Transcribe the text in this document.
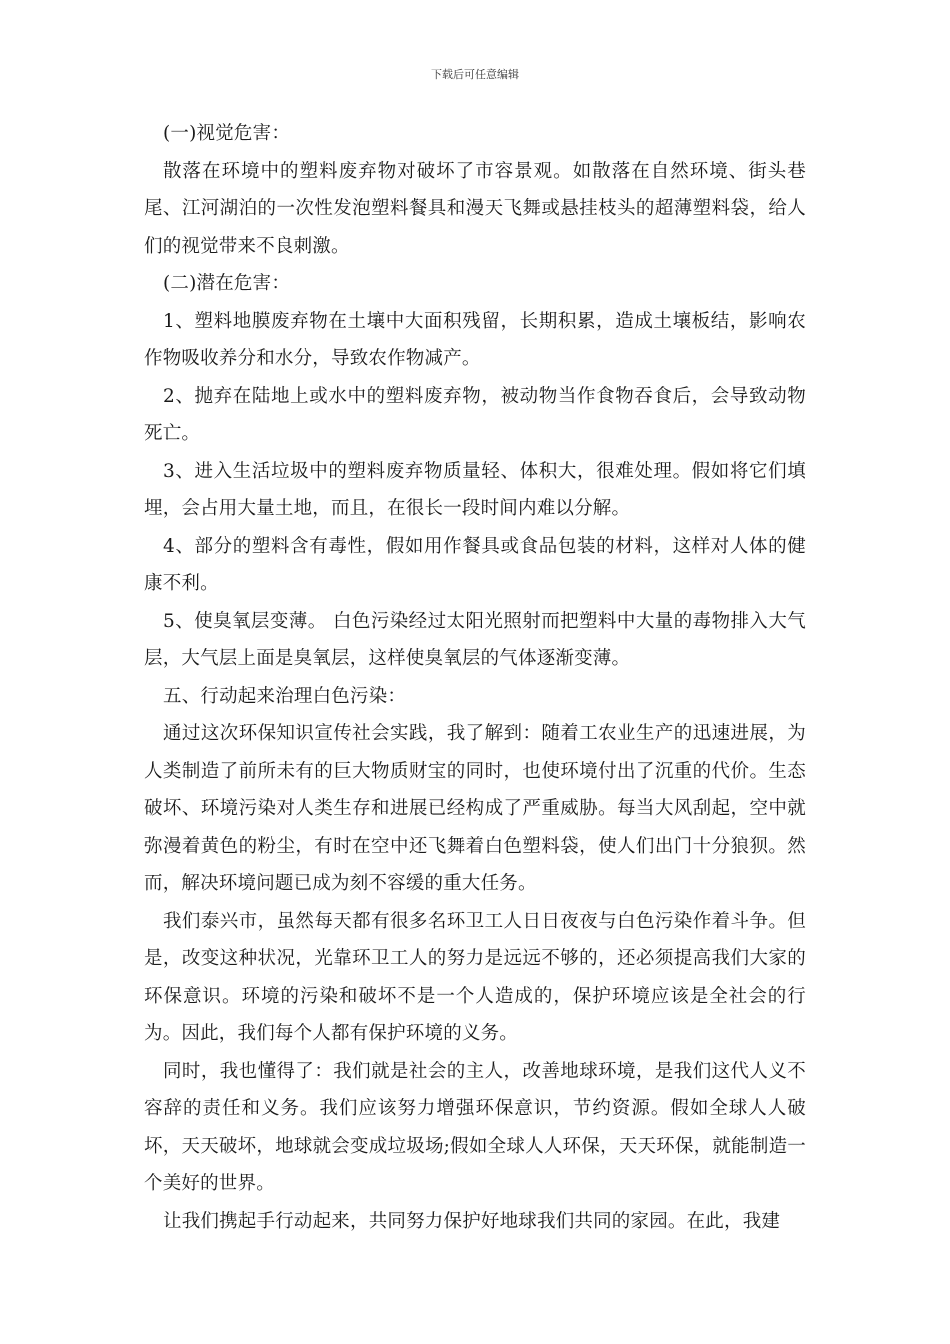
下载后可任意编辑

(一)视觉危害：

散落在环境中的塑料废弃物对破坏了市容景观。如散落在自然环境、街头巷尾、江河湖泊的一次性发泡塑料餐具和漫天飞舞或悬挂枝头的超薄塑料袋，给人们的视觉带来不良刺激。

(二)潜在危害：

1、塑料地膜废弃物在土壤中大面积残留，长期积累，造成土壤板结，影响农作物吸收养分和水分，导致农作物减产。

2、抛弃在陆地上或水中的塑料废弃物，被动物当作食物吞食后，会导致动物死亡。

3、进入生活垃圾中的塑料废弃物质量轻、体积大，很难处理。假如将它们填埋，会占用大量土地，而且，在很长一段时间内难以分解。

4、部分的塑料含有毒性，假如用作餐具或食品包装的材料，这样对人体的健康不利。

5、使臭氧层变薄。 白色污染经过太阳光照射而把塑料中大量的毒物排入大气层，大气层上面是臭氧层，这样使臭氧层的气体逐渐变薄。

五、行动起来治理白色污染：

通过这次环保知识宣传社会实践，我了解到：随着工农业生产的迅速进展，为人类制造了前所未有的巨大物质财宝的同时，也使环境付出了沉重的代价。生态破坏、环境污染对人类生存和进展已经构成了严重威胁。每当大风刮起，空中就弥漫着黄色的粉尘，有时在空中还飞舞着白色塑料袋，使人们出门十分狼狈。然而，解决环境问题已成为刻不容缓的重大任务。

我们泰兴市，虽然每天都有很多名环卫工人日日夜夜与白色污染作着斗争。但是，改变这种状况，光靠环卫工人的努力是远远不够的，还必须提高我们大家的环保意识。环境的污染和破坏不是一个人造成的，保护环境应该是全社会的行为。因此，我们每个人都有保护环境的义务。

同时，我也懂得了：我们就是社会的主人，改善地球环境，是我们这代人义不容辞的责任和义务。我们应该努力增强环保意识，节约资源。假如全球人人破坏，天天破坏，地球就会变成垃圾场;假如全球人人环保，天天环保，就能制造一个美好的世界。

让我们携起手行动起来，共同努力保护好地球我们共同的家园。在此，我建
